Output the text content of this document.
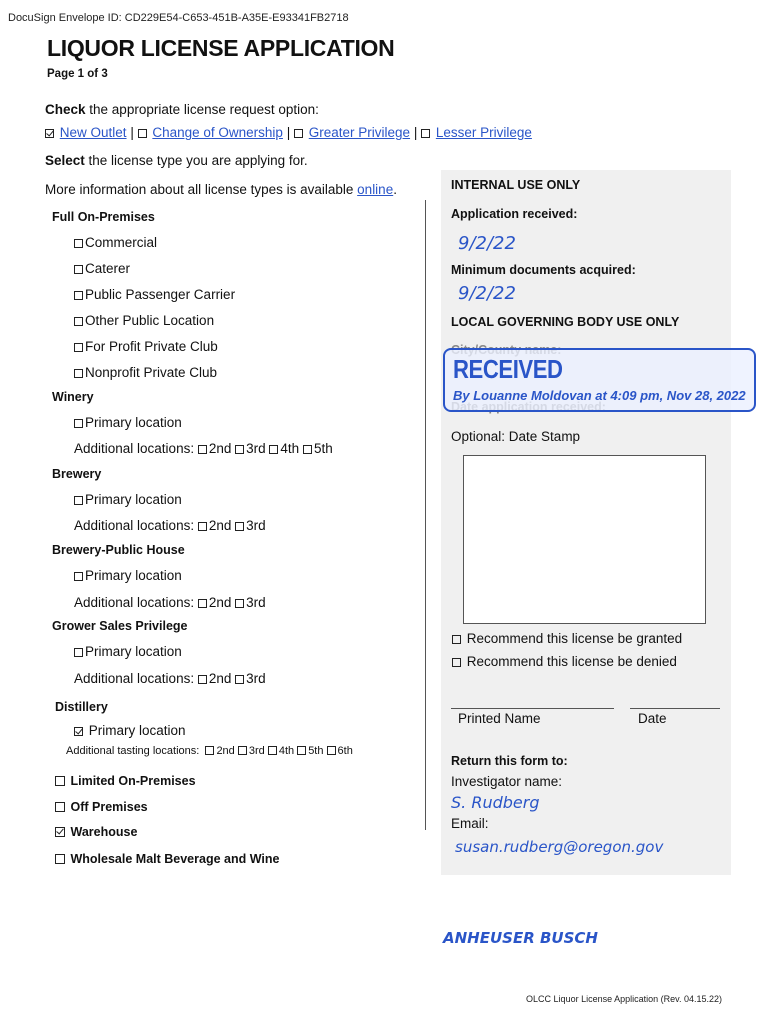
DocuSign Envelope ID: CD229E54-C653-451B-A35E-E93341FB2718
LIQUOR LICENSE APPLICATION
Page 1 of 3
Check the appropriate license request option:
New Outlet | Change of Ownership | Greater Privilege | Lesser Privilege
Select the license type you are applying for.
More information about all license types is available online.
Full On-Premises
Commercial
Caterer
Public Passenger Carrier
Other Public Location
For Profit Private Club
Nonprofit Private Club
Winery
Primary location
Additional locations: 2nd 3rd 4th 5th
Brewery
Primary location
Additional locations: 2nd 3rd
Brewery-Public House
Primary location
Additional locations: 2nd 3rd
Grower Sales Privilege
Primary location
Additional locations: 2nd 3rd
Distillery
Primary location
Additional tasting locations: 2nd 3rd 4th 5th 6th
Limited On-Premises
Off Premises
Warehouse
Wholesale Malt Beverage and Wine
INTERNAL USE ONLY
Application received:
9/2/22
Minimum documents acquired:
9/2/22
LOCAL GOVERNING BODY USE ONLY
RECEIVED
By Louanne Moldovan at 4:09 pm, Nov 28, 2022
Optional: Date Stamp
Recommend this license be granted
Recommend this license be denied
Printed Name	Date
Return this form to:
Investigator name:
S. Rudberg
Email:
susan.rudberg@oregon.gov
ANHEUSER BUSCH
OLCC Liquor License Application (Rev. 04.15.22)
